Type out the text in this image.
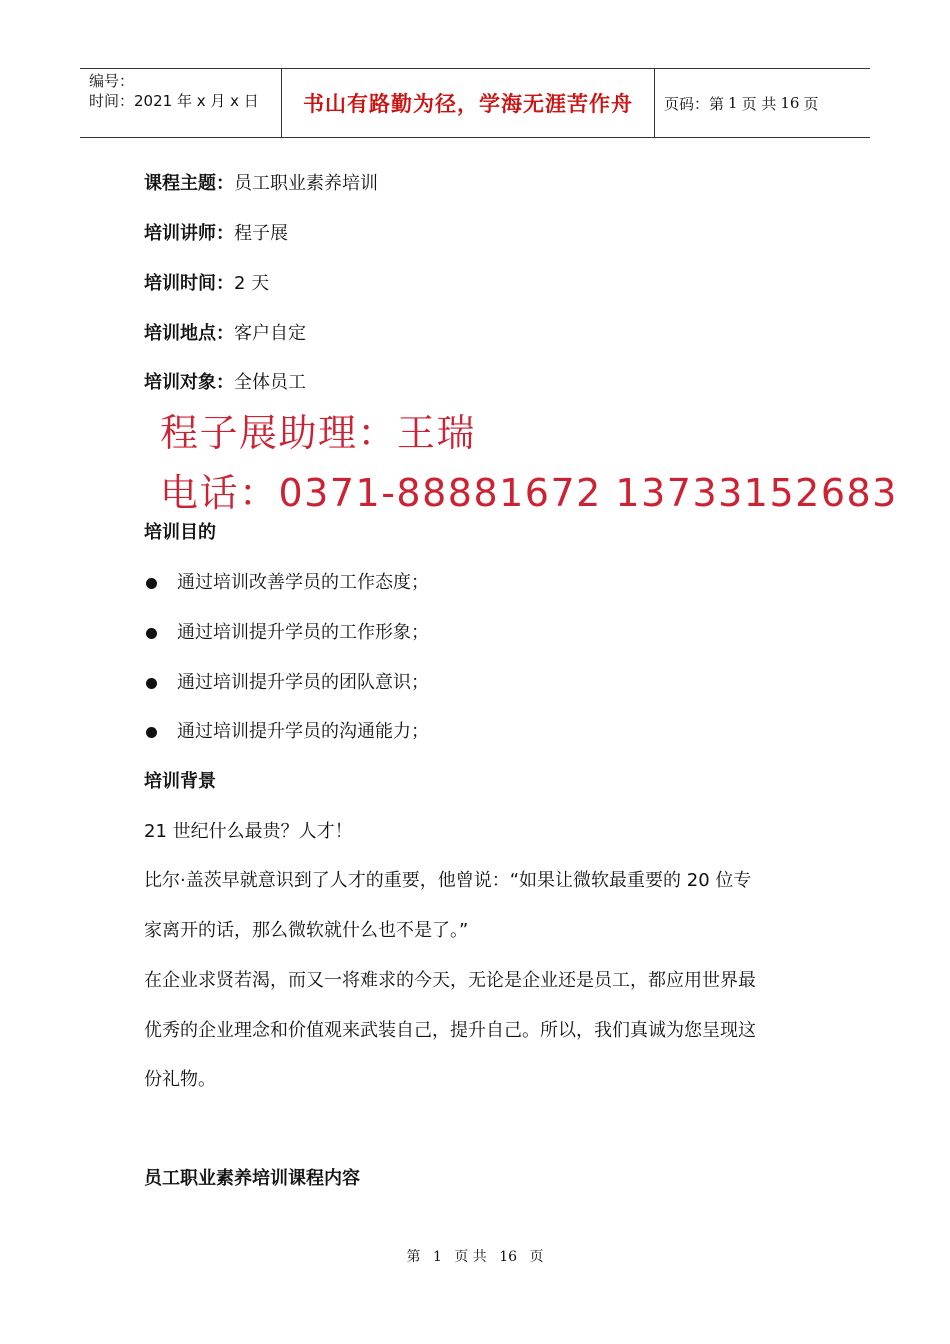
编号：
时间：2021 年 x 月 x 日	书山有路勤为径，学海无涯苦作舟	页码：第 1 页 共 16 页
课程主题：员工职业素养培训
培训讲师：程子展
培训时间：2 天
培训地点：客户自定
培训对象：全体员工
程子展助理：王瑞
电话：0371-88881672 13733152683
培训目的
通过培训改善学员的工作态度；
通过培训提升学员的工作形象；
通过培训提升学员的团队意识；
通过培训提升学员的沟通能力；
培训背景
21 世纪什么最贵？人才！
比尔·盖茨早就意识到了人才的重要，他曾说：“如果让微软最重要的 20 位专
家离开的话，那么微软就什么也不是了。”
在企业求贤若渴，而又一将难求的今天，无论是企业还是员工，都应用世界最
优秀的企业理念和价值观来武装自己，提升自己。所以，我们真诚为您呈现这
份礼物。
员工职业素养培训课程内容
第 1 页 共 16 页
